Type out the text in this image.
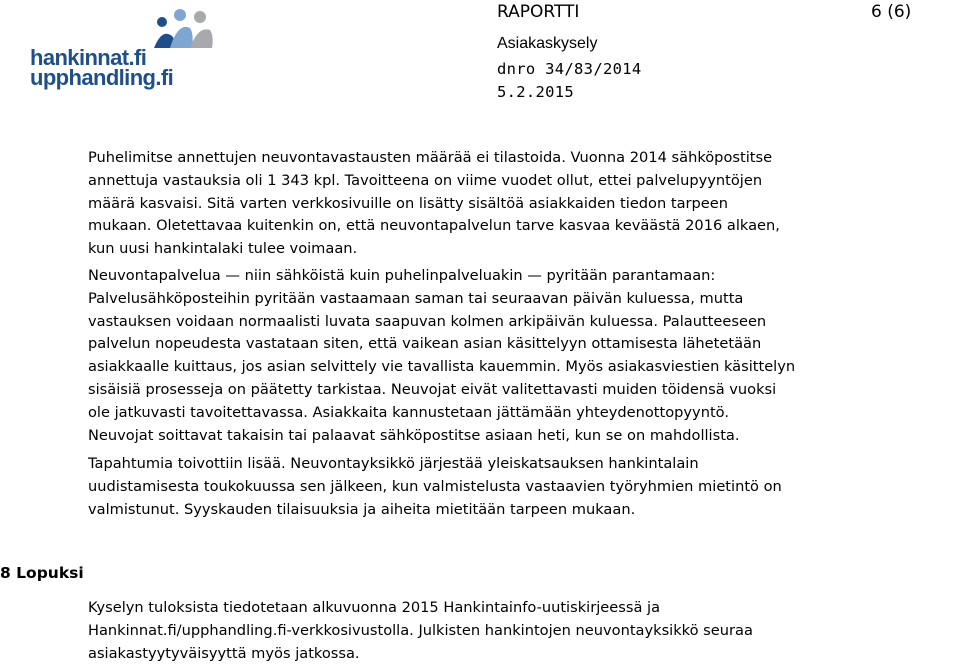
hankinnat.fi
upphandling.fi
RAPORTTI	6 (6)
Asiakaskysely
dnro 34/83/2014
5.2.2015
Puhelimitse annettujen neuvontavastausten määrää ei tilastoida. Vuonna 2014 sähköpostitse
annettuja vastauksia oli 1 343 kpl. Tavoitteena on viime vuodet ollut, ettei palvelupyyntöjen
määrä kasvaisi. Sitä varten verkkosivuille on lisätty sisältöä asiakkaiden tiedon tarpeen
mukaan. Oletettavaa kuitenkin on, että neuvontapalvelun tarve kasvaa keväästä 2016 alkaen,
kun uusi hankintalaki tulee voimaan.
Neuvontapalvelua — niin sähköistä kuin puhelinpalveluakin — pyritään parantamaan:
Palvelusähköposteihin pyritään vastaamaan saman tai seuraavan päivän kuluessa, mutta
vastauksen voidaan normaalisti luvata saapuvan kolmen arkipäivän kuluessa. Palautteeseen
palvelun nopeudesta vastataan siten, että vaikean asian käsittelyyn ottamisesta lähetetään
asiakkaalle kuittaus, jos asian selvittely vie tavallista kauemmin. Myös asiakasviestien käsittelyn
sisäisiä prosesseja on päätetty tarkistaa. Neuvojat eivät valitettavasti muiden töidensä vuoksi
ole jatkuvasti tavoitettavassa. Asiakkaita kannustetaan jättämään yhteydenottopyyntö.
Neuvojat soittavat takaisin tai palaavat sähköpostitse asiaan heti, kun se on mahdollista.
Tapahtumia toivottiin lisää. Neuvontayksikkö järjestää yleiskatsauksen hankintalain
uudistamisesta toukokuussa sen jälkeen, kun valmistelusta vastaavien työryhmien mietintö on
valmistunut. Syyskauden tilaisuuksia ja aiheita mietitään tarpeen mukaan.
8 Lopuksi
Kyselyn tuloksista tiedotetaan alkuvuonna 2015 Hankintainfo-uutiskirjeessä ja
Hankinnat.fi/upphandling.fi-verkkosivustolla. Julkisten hankintojen neuvontayksikkö seuraa
asiakastyytyväisyyttä myös jatkossa.
